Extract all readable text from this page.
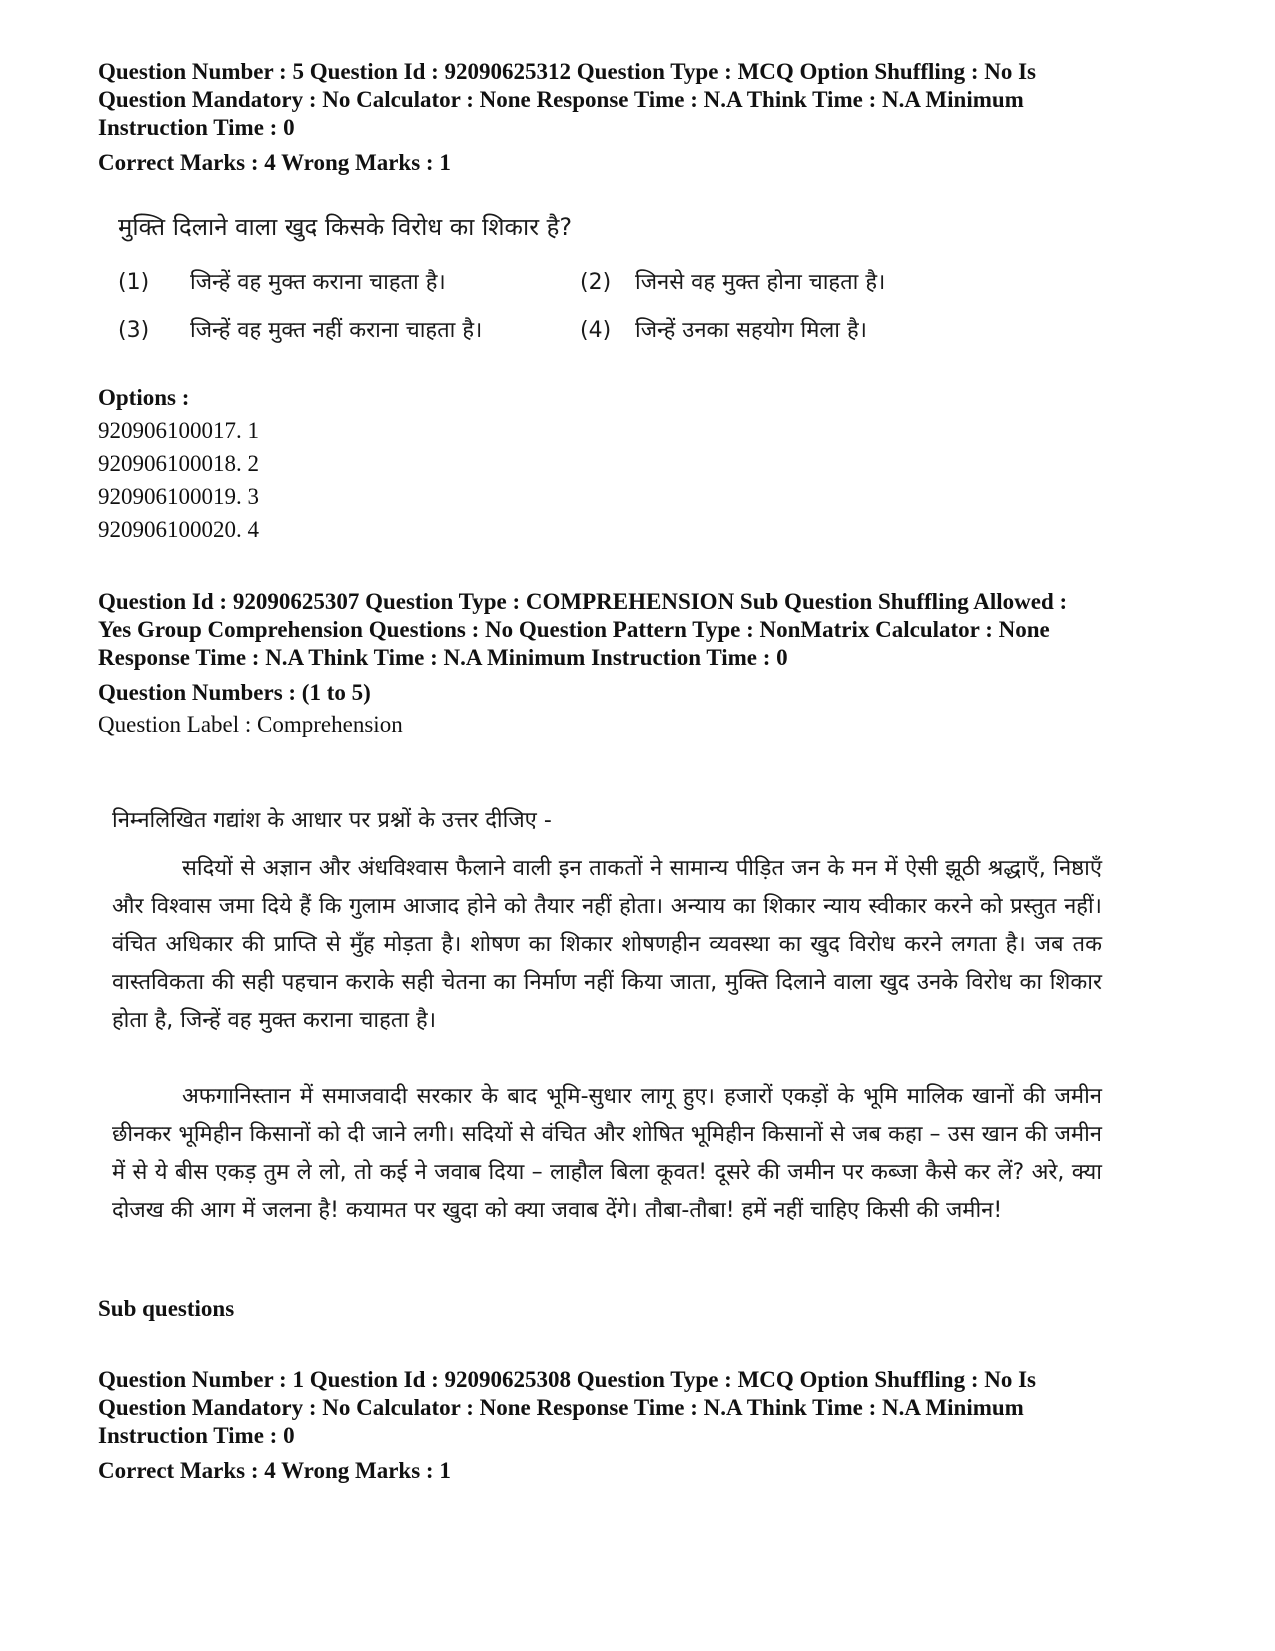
Question Number : 5 Question Id : 92090625312 Question Type : MCQ Option Shuffling : No Is
Question Mandatory : No Calculator : None Response Time : N.A Think Time : N.A Minimum
Instruction Time : 0
Correct Marks : 4 Wrong Marks : 1
मुक्ति दिलाने वाला खुद किसके विरोध का शिकार है?
(1) जिन्हें वह मुक्त कराना चाहता है।	(2) जिनसे वह मुक्त होना चाहता है।
(3) जिन्हें वह मुक्त नहीं कराना चाहता है।	(4) जिन्हें उनका सहयोग मिला है।
Options :
920906100017. 1
920906100018. 2
920906100019. 3
920906100020. 4
Question Id : 92090625307 Question Type : COMPREHENSION Sub Question Shuffling Allowed :
Yes Group Comprehension Questions : No Question Pattern Type : NonMatrix Calculator : None
Response Time : N.A Think Time : N.A Minimum Instruction Time : 0
Question Numbers : (1 to 5)
Question Label : Comprehension
निम्नलिखित गद्यांश के आधार पर प्रश्नों के उत्तर दीजिए -

सदियों से अज्ञान और अंधविश्वास फैलाने वाली इन ताकतों ने सामान्य पीड़ित जन के मन में ऐसी झूठी श्रद्धाएँ, निष्ठाएँ और विश्वास जमा दिये हैं कि गुलाम आजाद होने को तैयार नहीं होता। अन्याय का शिकार न्याय स्वीकार करने को प्रस्तुत नहीं। वंचित अधिकार की प्राप्ति से मुँह मोड़ता है। शोषण का शिकार शोषणहीन व्यवस्था का खुद विरोध करने लगता है। जब तक वास्तविकता की सही पहचान कराके सही चेतना का निर्माण नहीं किया जाता, मुक्ति दिलाने वाला खुद उनके विरोध का शिकार होता है, जिन्हें वह मुक्त कराना चाहता है।

अफगानिस्तान में समाजवादी सरकार के बाद भूमि-सुधार लागू हुए। हजारों एकड़ों के भूमि मालिक खानों की जमीन छीनकर भूमिहीन किसानों को दी जाने लगी। सदियों से वंचित और शोषित भूमिहीन किसानों से जब कहा – उस खान की जमीन में से ये बीस एकड़ तुम ले लो, तो कई ने जवाब दिया – लाहौल बिला कूवत! दूसरे की जमीन पर कब्जा कैसे कर लें? अरे, क्या दोजख की आग में जलना है! कयामत पर खुदा को क्या जवाब देंगे। तौबा-तौबा! हमें नहीं चाहिए किसी की जमीन!

Sub questions
Question Number : 1 Question Id : 92090625308 Question Type : MCQ Option Shuffling : No Is
Question Mandatory : No Calculator : None Response Time : N.A Think Time : N.A Minimum
Instruction Time : 0
Correct Marks : 4 Wrong Marks : 1
